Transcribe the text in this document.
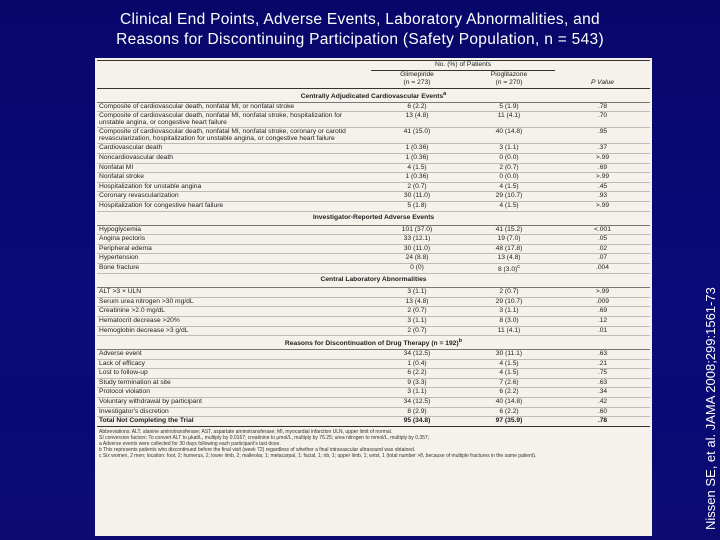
Clinical End Points, Adverse Events, Laboratory Abnormalities, and
Reasons for Discontinuing Participation (Safety Population, n = 543)
Nissen SE, et al. JAMA 2008;299:1561-73
	No. (%) of Patients		
	Glimepiride	Pioglitazone	
	(n = 273)	(n = 270)	P Value
Centrally Adjudicated Cardiovascular Events$^a$
Composite of cardiovascular death, nonfatal MI, or nonfatal stroke	6 (2.2)	5 (1.9)	.78
Composite of cardiovascular death, nonfatal MI, nonfatal stroke, hospitalization for unstable angina, or congestive heart failure	13 (4.8)	11 (4.1)	.70
Composite of cardiovascular death, nonfatal MI, nonfatal stroke, coronary or carotid revascularization, hospitalization for unstable angina, or congestive heart failure	41 (15.0)	40 (14.8)	.95
Cardiovascular death	1 (0.36)	3 (1.1)	.37
Noncardiovascular death	1 (0.36)	0 (0.0)	>.99
Nonfatal MI	4 (1.5)	2 (0.7)	.69
Nonfatal stroke	1 (0.36)	0 (0.0)	>.99
Hospitalization for unstable angina	2 (0.7)	4 (1.5)	.45
Coronary revascularization	30 (11.0)	29 (10.7)	.93
Hospitalization for congestive heart failure	5 (1.8)	4 (1.5)	>.99
Investigator-Reported Adverse Events			
Hypoglycemia	101 (37.0)	41 (15.2)	<.001
Angina pectoris	33 (12.1)	19 (7.0)	.05
Peripheral edema	30 (11.0)	48 (17.8)	.02
Hypertension	24 (8.8)	13 (4.8)	.07
Bone fracture	0 (0)	8 $(3.0)^c$	.004
Central Laboratory Abnormalities			
ALT >3 × ULN	3 (1.1)	2 (0.7)	>.99
Serum urea nitrogen >30 mg/dL	13 (4.8)	29 (10.7)	.009
Creatinine >2.0 mg/dL	2 (0.7)	3 (1.1)	.69
Hematocrit decrease >20%	3 (1.1)	8 (3.0)	.12
Hemoglobin decrease >3 g/dL	2 (0.7)	11 (4.1)	.01
Reasons for Discontinuation of Drug Therapy (n = 192)$^b$
Adverse event	34 (12.5)	30 (11.1)	.63
Lack of efficacy	1 (0.4)	4 (1.5)	.21
Lost to follow-up	6 (2.2)	4 (1.5)	.75
Study termination at site	9 (3.3)	7 (2.6)	.63
Protocol violation	3 (1.1)	6 (2.2)	.34
Voluntary withdrawal by participant	34 (12.5)	40 (14.8)	.42
Investigator's discretion	8 (2.9)	6 (2.2)	.60
Total Not Completing the Trial	95 (34.8)	97 (35.9)	.78
Abbreviations: ALT, alanine aminotransferase; AST, aspartate aminotransferase; MI, myocardial infarction ULN, upper limit of normal.
SI conversion factors: To convert ALT to μkat/L, multiply by 0.0167; creatinine to μmol/L, multiply by 76.25; urea nitrogen to mmol/L, multiply by 0.357;
a Adverse events were collected for 30 days following each participant's last dose.
b This represents patients who discontinued before the final visit (week 72) regardless of whether a final intravascular ultrasound was obtained.
c Six women, 2 men; location: foot, 2; humerus, 2; lower limb, 2; malleolar, 1; metacarpal, 1; facial, 1; rib, 1; upper limb, 1; wrist, 1 (total number >8, because of multiple fractures in the same patient).
